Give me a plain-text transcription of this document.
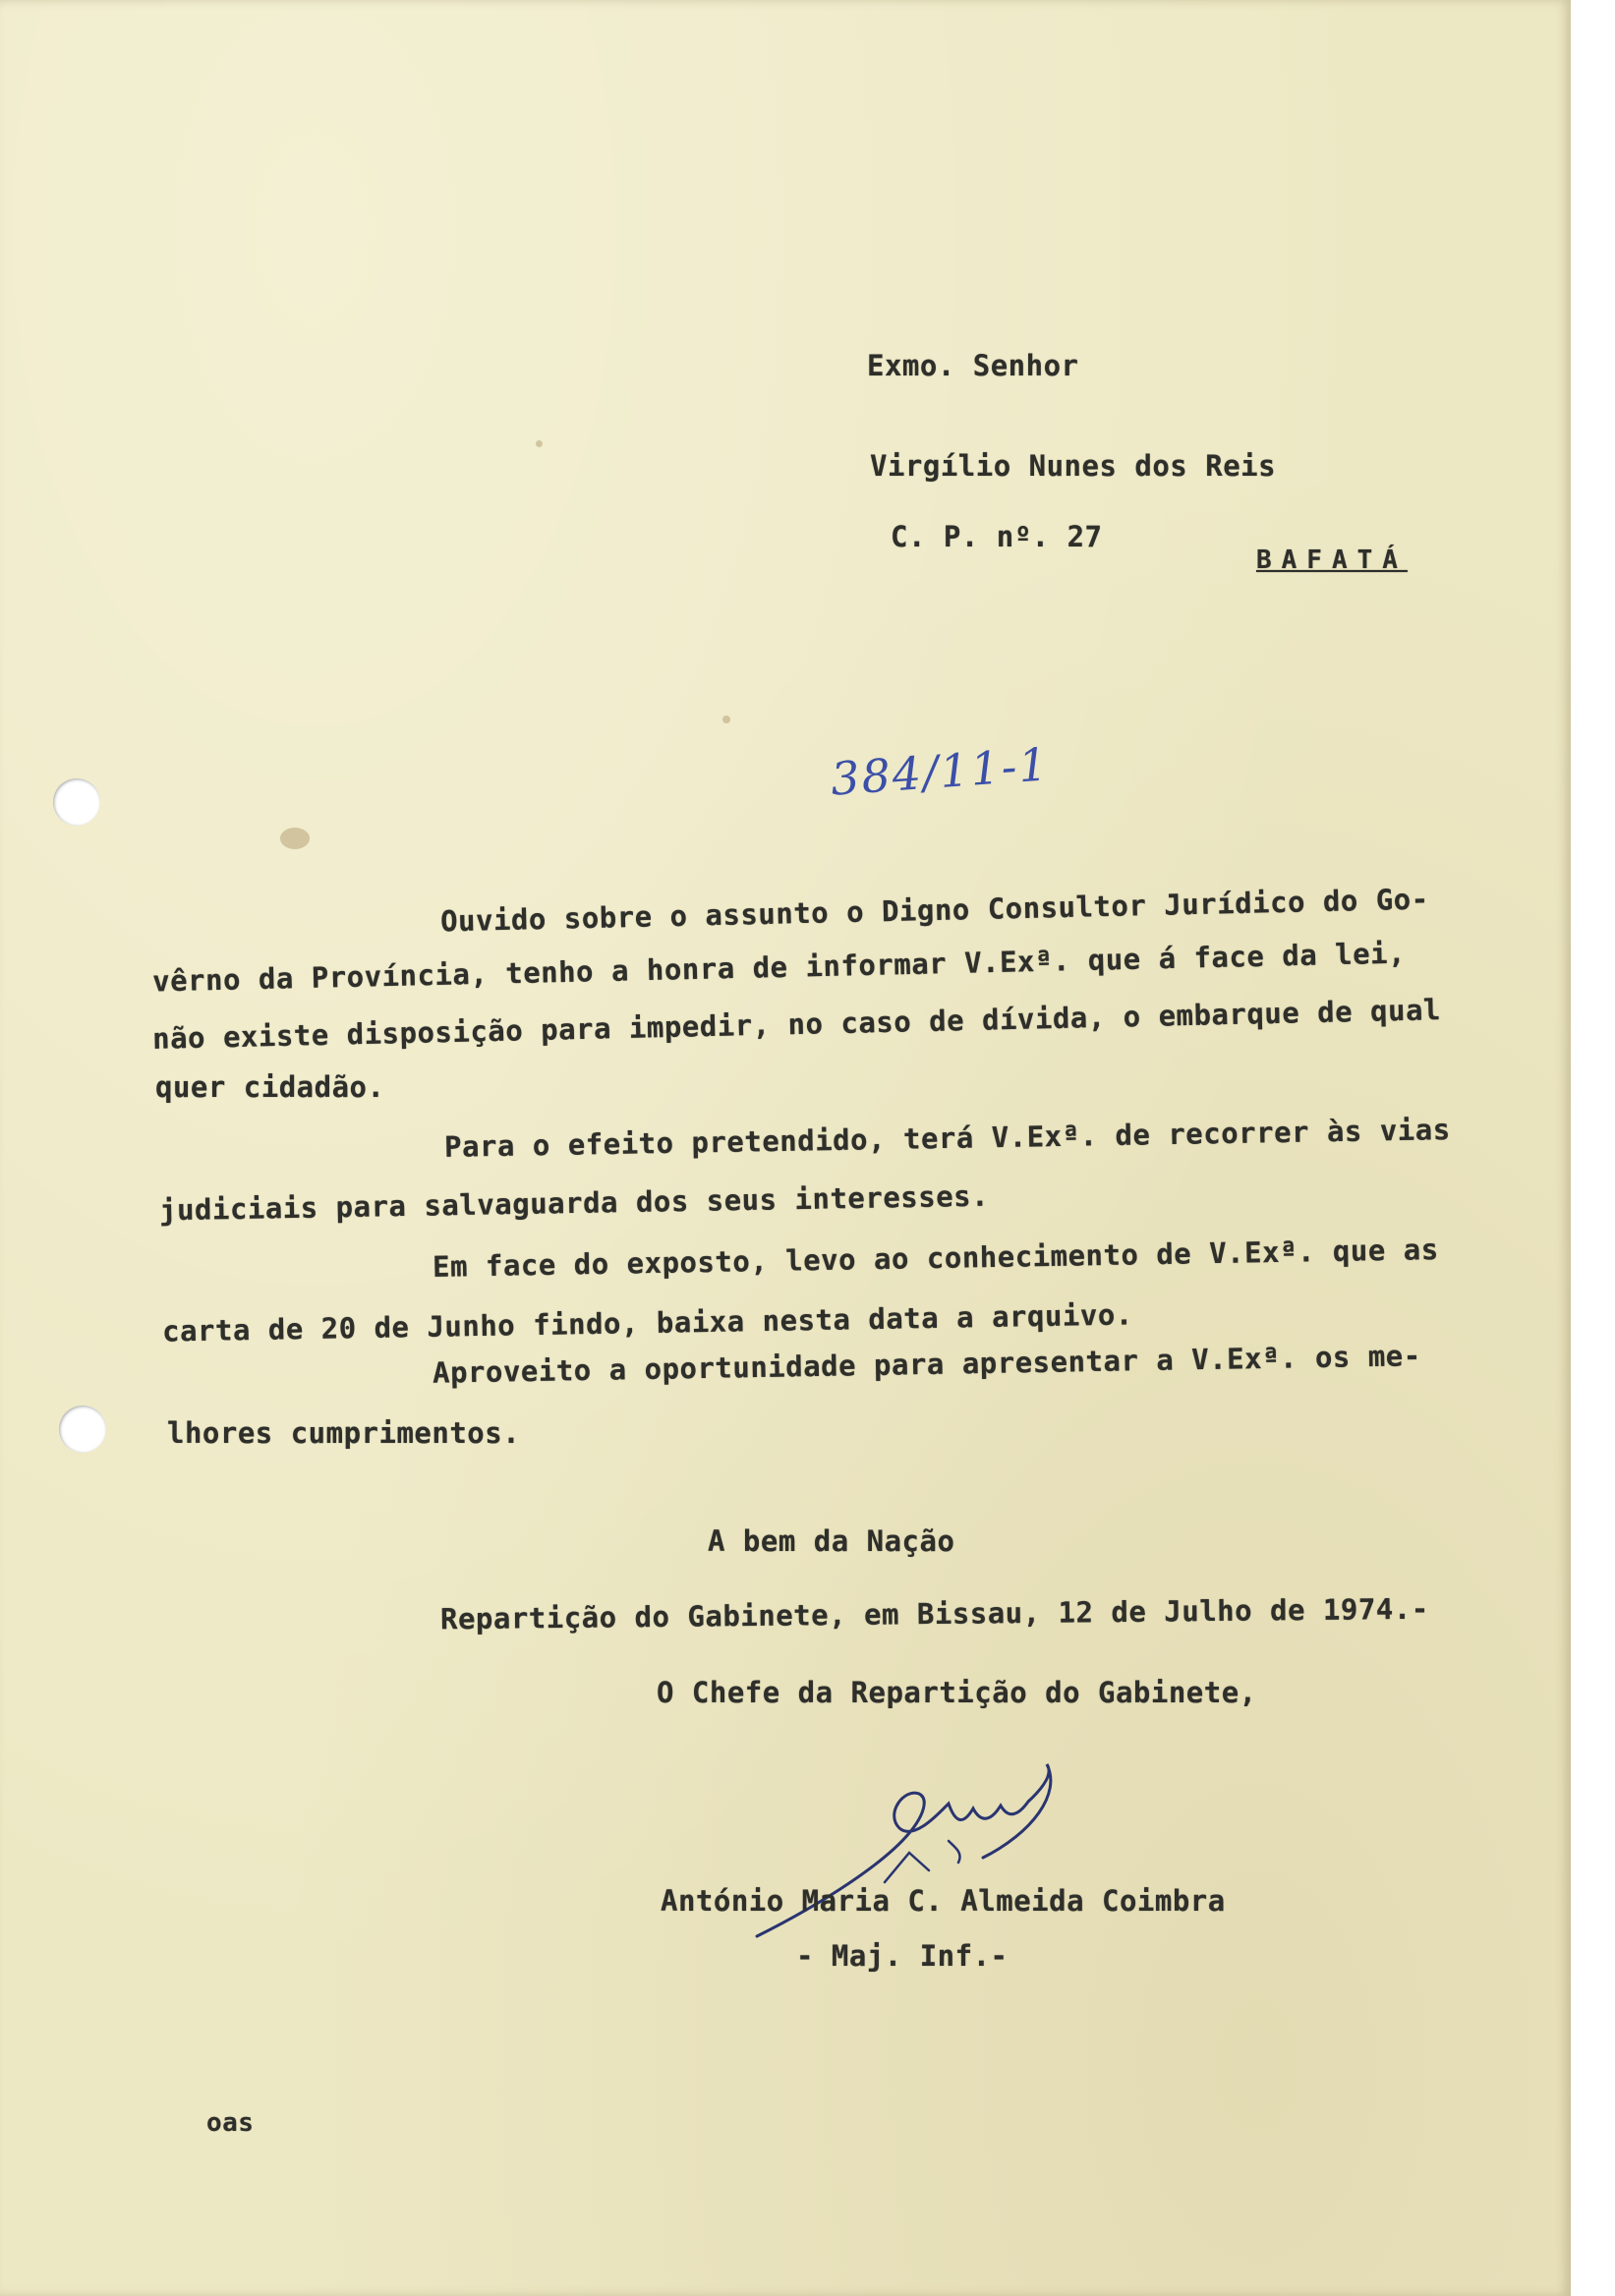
Exmo. Senhor
Virgílio Nunes dos Reis
C. P. nº. 27
BAFATÁ
384/11-1
Ouvido sobre o assunto o Digno Consultor Jurídico do Go-
vêrno da Província, tenho a honra de informar V.Exª. que á face da lei,
não existe disposição para impedir, no caso de dívida, o embarque de qual
quer cidadão.
Para o efeito pretendido, terá V.Exª. de recorrer às vias
judiciais para salvaguarda dos seus interesses.
Em face do exposto, levo ao conhecimento de V.Exª. que as
carta de 20 de Junho findo, baixa nesta data a arquivo.
Aproveito a oportunidade para apresentar a V.Exª. os me-
lhores cumprimentos.
A bem da Nação
Repartição do Gabinete, em Bissau, 12 de Julho de 1974.-
O Chefe da Repartição do Gabinete,
António Maria C. Almeida Coimbra
- Maj. Inf.-
oas
